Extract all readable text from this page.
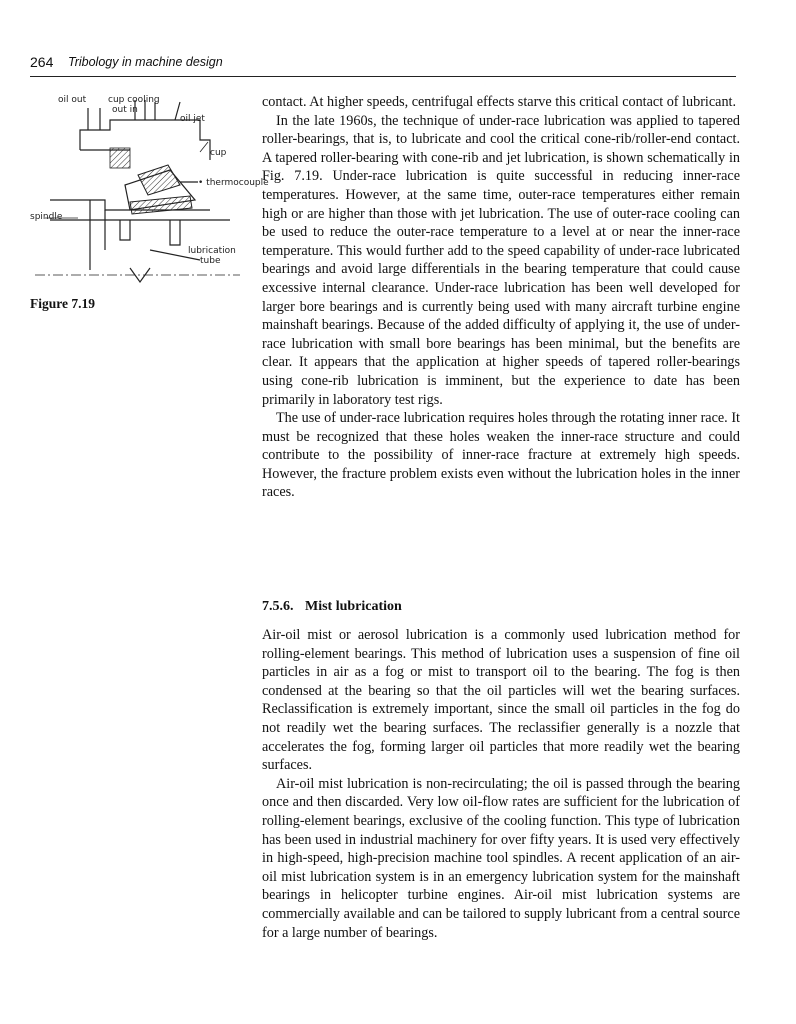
264 Tribology in machine design
oil out cup cooling
out in
oil jet
cup
• thermocouple
spindle
lubrication
tube
Figure 7.19

contact. At higher speeds, centrifugal effects starve this critical contact of lubricant.

In the late 1960s, the technique of under-race lubrication was applied to tapered roller-bearings, that is, to lubricate and cool the critical cone-rib/roller-end contact. A tapered roller-bearing with cone-rib and jet lubrication, is shown schematically in Fig. 7.19. Under-race lubrication is quite successful in reducing inner-race temperatures. However, at the same time, outer-race temperatures either remain high or are higher than those with jet lubrication. The use of outer-race cooling can be used to reduce the outer-race temperature to a level at or near the inner-race temperature. This would further add to the speed capability of under-race lubricated bearings and avoid large differentials in the bearing temperature that could cause excessive internal clearance. Under-race lubrication has been well developed for larger bore bearings and is currently being used with many aircraft turbine engine mainshaft bearings. Because of the added difficulty of applying it, the use of under-race lubrication with small bore bearings has been minimal, but the benefits are clear. It appears that the application at higher speeds of tapered roller-bearings using cone-rib lubrication is imminent, but the experience to date has been primarily in laboratory test rigs.

The use of under-race lubrication requires holes through the rotating inner race. It must be recognized that these holes weaken the inner-race structure and could contribute to the possibility of inner-race fracture at extremely high speeds. However, the fracture problem exists even without the lubrication holes in the inner races.

7.5.6. Mist lubrication

Air-oil mist or aerosol lubrication is a commonly used lubrication method for rolling-element bearings. This method of lubrication uses a suspension of fine oil particles in air as a fog or mist to transport oil to the bearing. The fog is then condensed at the bearing so that the oil particles will wet the bearing surfaces. Reclassification is extremely important, since the small oil particles in the fog do not readily wet the bearing surfaces. The reclassifier generally is a nozzle that accelerates the fog, forming larger oil particles that more readily wet the bearing surfaces.

Air-oil mist lubrication is non-recirculating; the oil is passed through the bearing once and then discarded. Very low oil-flow rates are sufficient for the lubrication of rolling-element bearings, exclusive of the cooling function. This type of lubrication has been used in industrial machinery for over fifty years. It is used very effectively in high-speed, high-precision machine tool spindles. A recent application of an air-oil mist lubrication system is in an emergency lubrication system for the mainshaft bearings in helicopter turbine engines. Air-oil mist lubrication systems are commercially available and can be tailored to supply lubricant from a central source for a large number of bearings.
